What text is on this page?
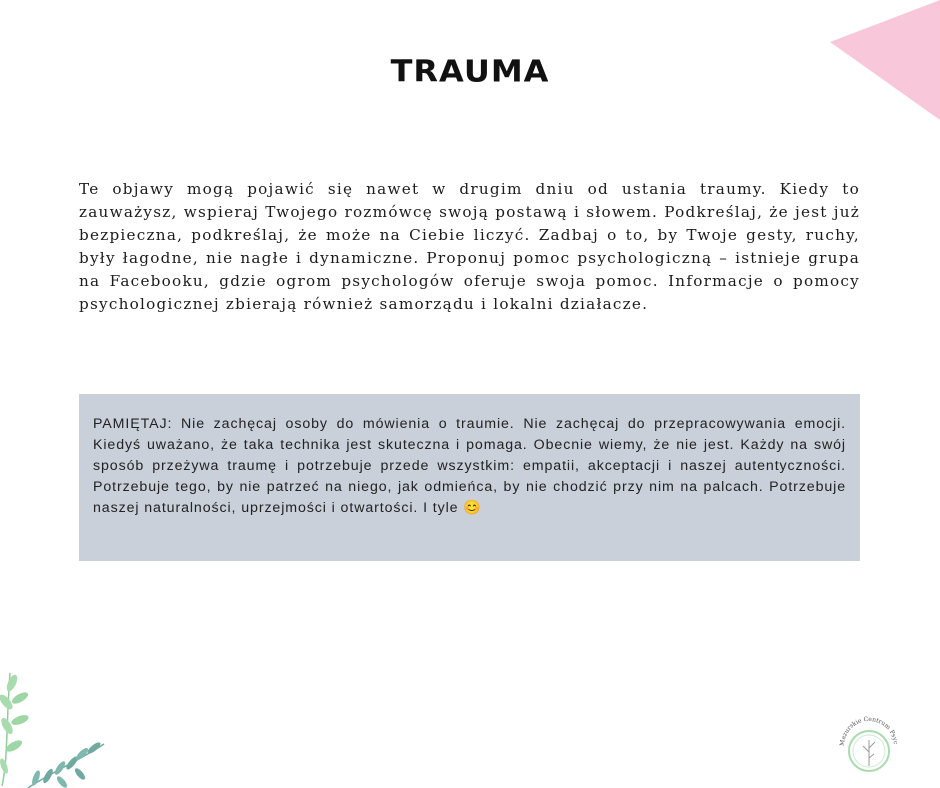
TRAUMA

Te objawy mogą pojawić się nawet w drugim dniu od ustania traumy. Kiedy to zauważysz, wspieraj Twojego rozmówcę swoją postawą i słowem. Podkreślaj, że jest już bezpieczna, podkreślaj, że może na Ciebie liczyć. Zadbaj o to, by Twoje gesty, ruchy, były łagodne, nie nagłe i dynamiczne. Proponuj pomoc psychologiczną – istnieje grupa na Facebooku, gdzie ogrom psychologów oferuje swoja pomoc. Informacje o pomocy psychologicznej zbierają również samorządu i lokalni działacze.

PAMIĘTAJ: Nie zachęcaj osoby do mówienia o traumie. Nie zachęcaj do przepracowywania emocji. Kiedyś uważano, że taka technika jest skuteczna i pomaga. Obecnie wiemy, że nie jest. Każdy na swój sposób przeżywa traumę i potrzebuje przede wszystkim: empatii, akceptacji i naszej autentyczności. Potrzebuje tego, by nie patrzeć na niego, jak odmieńca, by nie chodzić przy nim na palcach. Potrzebuje naszej naturalności, uprzejmości i otwartości. I tyle 😊

Mazurskie Centrum Psyc
